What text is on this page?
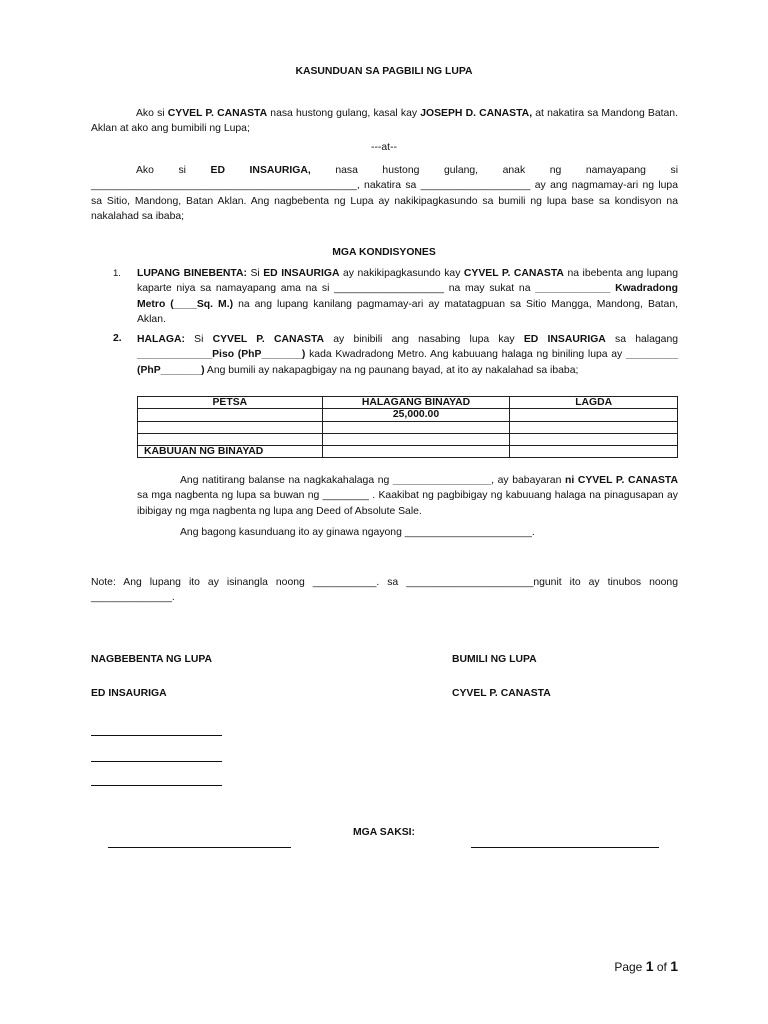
KASUNDUAN SA PAGBILI NG LUPA

Ako si CYVEL P. CANASTA nasa hustong gulang, kasal kay JOSEPH D. CANASTA, at nakatira sa Mandong Batan. Aklan at ako ang bumibili ng Lupa;

---at--

Ako si ED INSAURIGA, nasa hustong gulang, anak ng namayapang si ______________________________________________, nakatira sa ___________________ ay ang nagmamay-ari ng lupa sa Sitio, Mandong, Batan Aklan. Ang nagbebenta ng Lupa ay nakikipagkasundo sa bumili ng lupa base sa kondisyon na nakalahad sa ibaba;

MGA KONDISYONES
1. LUPANG BINEBENTA: Si ED INSAURIGA ay nakikipagkasundo kay CYVEL P. CANASTA na ibebenta ang lupang kaparte niya sa namayapang ama na si ___________________ na may sukat na _____________ Kwadradong Metro (____Sq. M.) na ang lupang kanilang pagmamay-ari ay matatagpuan sa Sitio Mangga, Mandong, Batan, Aklan.

2. HALAGA: Si CYVEL P. CANASTA ay binibili ang nasabing lupa kay ED INSAURIGA sa halagang _____________Piso (PhP_______) kada Kwadradong Metro. Ang kabuuang halaga ng biniling lupa ay _________ (PhP_______) Ang bumili ay nakapagbigay na ng paunang bayad, at ito ay nakalahad sa ibaba;

PETSA	HALAGANG BINAYAD	LAGDA
	25,000.00	

KABUUAN NG BINAYAD		

Ang natitirang balanse na nagkakahalaga ng _________________, ay babayaran ni CYVEL P. CANASTA sa mga nagbenta ng lupa sa buwan ng ________ . Kaakibat ng pagbibigay ng kabuuang halaga na pinagusapan ay ibibigay ng mga nagbenta ng lupa ang Deed of Absolute Sale.

Ang bagong kasunduang ito ay ginawa ngayong ______________________.

Note: Ang lupang ito ay isinangla noong ___________. sa ______________________ngunit ito ay tinubos noong ______________.

NAGBEBENTA NG LUPA	BUMILI NG LUPA
ED INSAURIGA	CYVEL P. CANASTA
MGA SAKSI:
Page 1 of 1
